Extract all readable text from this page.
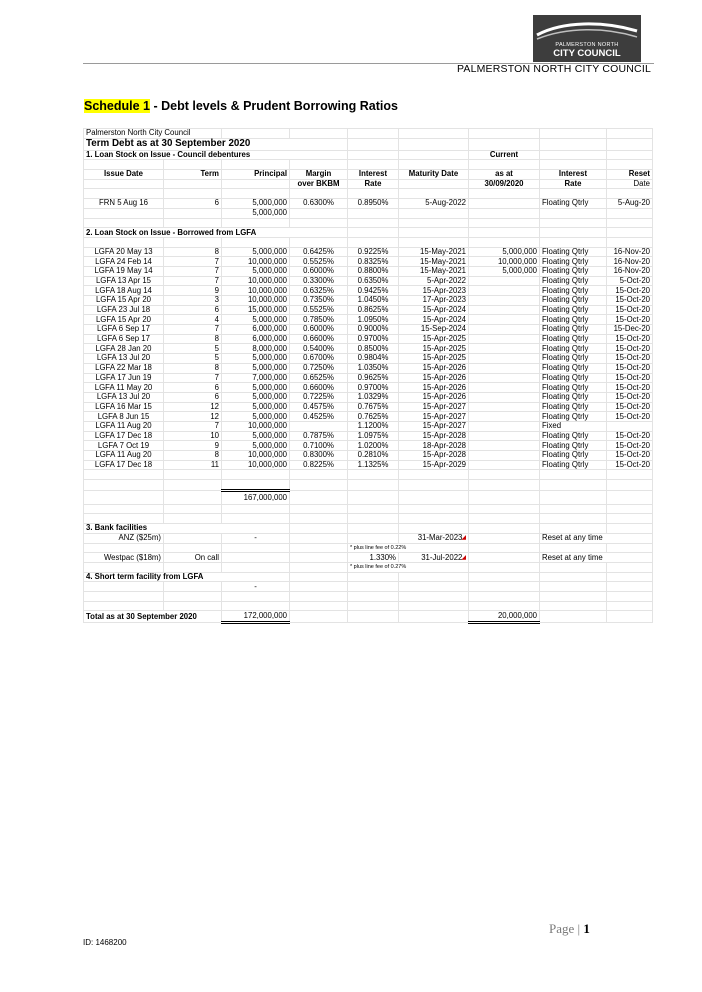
PALMERSTON NORTH
CITY COUNCIL
PALMERSTON NORTH CITY COUNCIL
Schedule 1 - Debt levels & Prudent Borrowing Ratios
Palmerston North City Council								
Term Debt as at 30 September 2020								
1. Loan Stock on Issue - Council debentures						Current		

Issue Date	Term	Principal	Margin	Interest	Maturity Date	as at	Interest	Reset
			over BKBM	Rate		30/09/2020	Rate	Date

FRN 5 Aug 16	6	5,000,000	0.6300%	0.8950%	5-Aug-2022		Floating Qtrly	5-Aug-20
		5,000,000						

2. Loan Stock on Issue - Borrowed from LGFA								

LGFA 20 May 13	8	5,000,000	0.6425%	0.9225%	15-May-2021	5,000,000	Floating Qtrly	16-Nov-20
LGFA 24 Feb 14	7	10,000,000	0.5525%	0.8325%	15-May-2021	10,000,000	Floating Qtrly	16-Nov-20
LGFA 19 May 14	7	5,000,000	0.6000%	0.8800%	15-May-2021	5,000,000	Floating Qtrly	16-Nov-20
LGFA 13 Apr 15	7	10,000,000	0.3300%	0.6350%	5-Apr-2022		Floating Qtrly	5-Oct-20
LGFA 18 Aug 14	9	10,000,000	0.6325%	0.9425%	15-Apr-2023		Floating Qtrly	15-Oct-20
LGFA 15 Apr 20	3	10,000,000	0.7350%	1.0450%	17-Apr-2023		Floating Qtrly	15-Oct-20
LGFA 23 Jul 18	6	15,000,000	0.5525%	0.8625%	15-Apr-2024		Floating Qtrly	15-Oct-20
LGFA 15 Apr 20	4	5,000,000	0.7850%	1.0950%	15-Apr-2024		Floating Qtrly	15-Oct-20
LGFA 6 Sep 17	7	6,000,000	0.6000%	0.9000%	15-Sep-2024		Floating Qtrly	15-Dec-20
LGFA 6 Sep 17	8	6,000,000	0.6600%	0.9700%	15-Apr-2025		Floating Qtrly	15-Oct-20
LGFA 28 Jan 20	5	8,000,000	0.5400%	0.8500%	15-Apr-2025		Floating Qtrly	15-Oct-20
LGFA 13 Jul 20	5	5,000,000	0.6700%	0.9804%	15-Apr-2025		Floating Qtrly	15-Oct-20
LGFA 22 Mar 18	8	5,000,000	0.7250%	1.0350%	15-Apr-2026		Floating Qtrly	15-Oct-20
LGFA 17 Jun 19	7	7,000,000	0.6525%	0.9625%	15-Apr-2026		Floating Qtrly	15-Oct-20
LGFA 11 May 20	6	5,000,000	0.6600%	0.9700%	15-Apr-2026		Floating Qtrly	15-Oct-20
LGFA 13 Jul 20	6	5,000,000	0.7225%	1.0329%	15-Apr-2026		Floating Qtrly	15-Oct-20
LGFA 16 Mar 15	12	5,000,000	0.4575%	0.7675%	15-Apr-2027		Floating Qtrly	15-Oct-20
LGFA 8 Jun 15	12	5,000,000	0.4525%	0.7625%	15-Apr-2027		Floating Qtrly	15-Oct-20
LGFA 11 Aug 20	7	10,000,000		1.1200%	15-Apr-2027		Fixed	
LGFA 17 Dec 18	10	5,000,000	0.7875%	1.0975%	15-Apr-2028		Floating Qtrly	15-Oct-20
LGFA 7 Oct 19	9	5,000,000	0.7100%	1.0200%	18-Apr-2028		Floating Qtrly	15-Oct-20
LGFA 11 Aug 20	8	10,000,000	0.8300%	0.2810%	15-Apr-2028		Floating Qtrly	15-Oct-20
LGFA 17 Dec 18	11	10,000,000	0.8225%	1.1325%	15-Apr-2029		Floating Qtrly	15-Oct-20

		167,000,000						

3. Bank facilities								
ANZ ($25m)		-			31-Mar-2023◢		Reset at any time	
				* plus line fee of 0.22%				
Westpac ($18m)	On call			1.330%	31-Jul-2022◢		Reset at any time	
				* plus line fee of 0.27%				
4. Short term facility from LGFA								
		-						

Total as at 30 September 2020		172,000,000				20,000,000		
Page | 1
ID: 1468200
